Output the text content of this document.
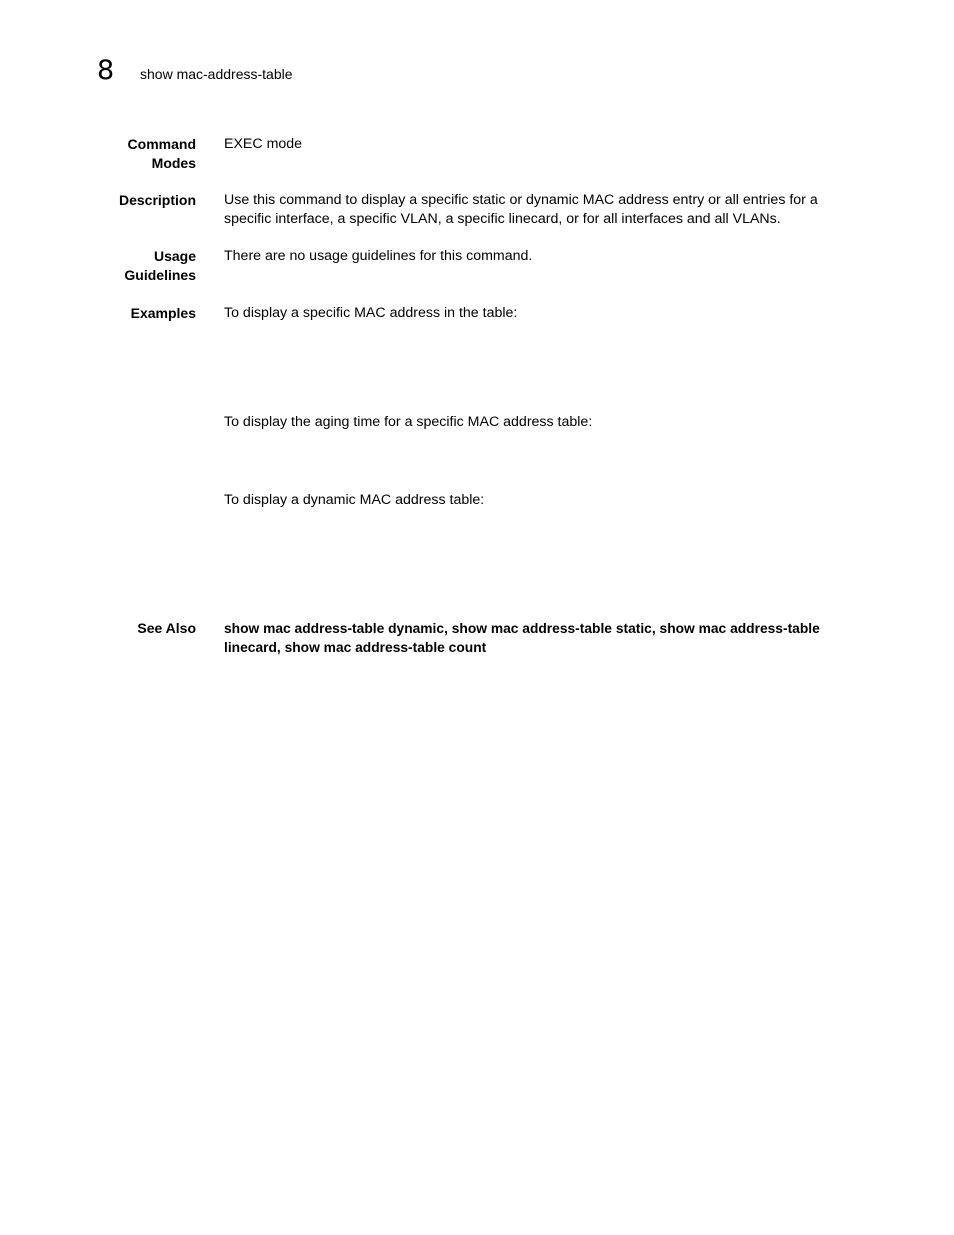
8 show mac-address-table
Command
Modes
EXEC mode
Description Use this command to display a specific static or dynamic MAC address entry or all entries for a
specific interface, a specific VLAN, a specific linecard, or for all interfaces and all VLANs.
Usage
Guidelines
There are no usage guidelines for this command.
Examples To display a specific MAC address in the table:
To display the aging time for a specific MAC address table:
To display a dynamic MAC address table:
See Also show mac address-table dynamic, show mac address-table static, show mac address-table
linecard, show mac address-table count
